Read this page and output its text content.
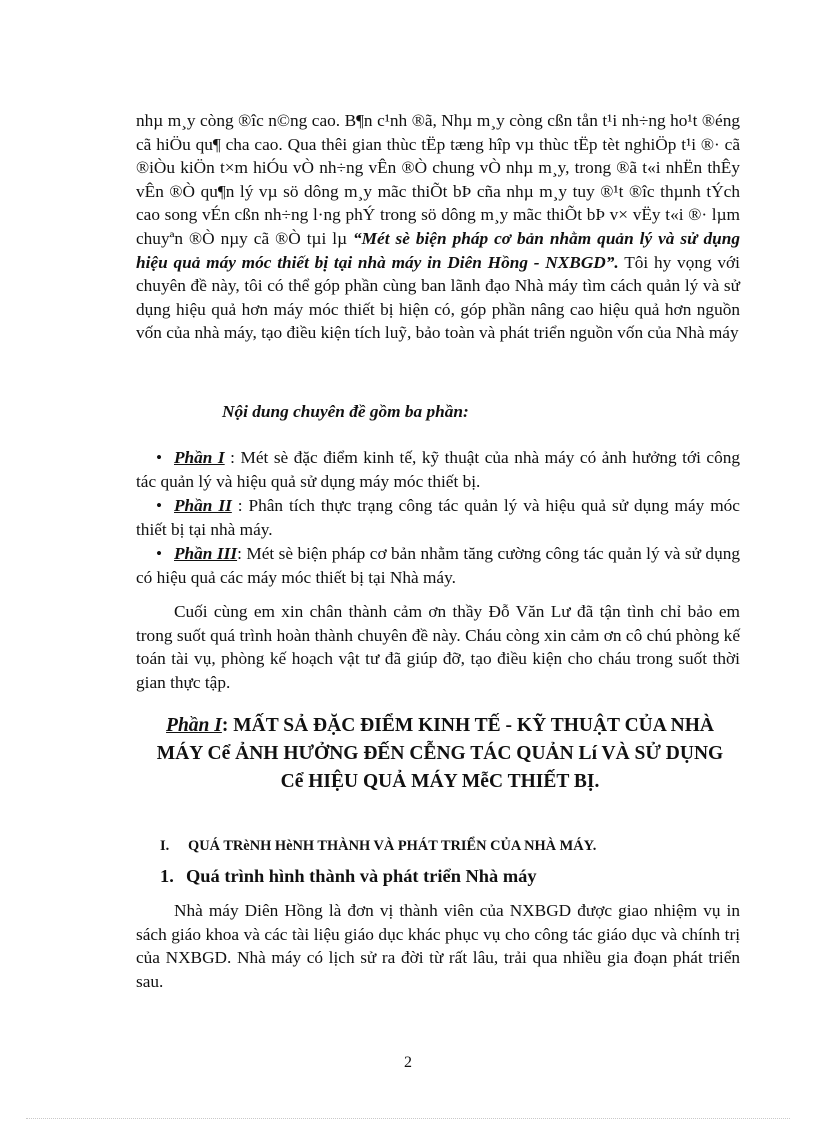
nhµ m¸y còng ®îc n©ng cao. B¶n c¹nh ®ã, Nhµ m¸y còng cßn tån t¹i nh÷ng ho¹t ®éng cã hiÖu qu¶ cha cao. Qua thêi gian thùc tËp tæng hîp vµ thùc tËp tèt nghiÖp t¹i ®· cã ®iÒu kiÖn t×m hiÓu vÒ nh÷ng vÊn ®Ò chung vÒ nhµ m¸y, trong ®ã t«i nhËn thÊy vÊn ®Ò qu¶n lý vµ sö dông m¸y mãc thiÕt bÞ cña nhµ m¸y tuy ®¹t ®îc thµnh tÝch cao song vÉn cßn nh÷ng l·ng phÝ trong sö dông m¸y mãc thiÕt bÞ v× vËy t«i ®· lµm chuyªn ®Ò nµy cã ®Ò tµi lµ “Mét sè biện pháp cơ bản nhằm quản lý và sử dụng hiệu quả máy móc thiết bị tại nhà máy in Diên Hồng - NXBGD”. Tôi hy vọng với chuyên đề này, tôi có thể góp phần cùng ban lãnh đạo Nhà máy tìm cách quản lý và sử dụng hiệu quả hơn máy móc thiết bị hiện có, góp phần nâng cao hiệu quả hơn nguồn vốn của nhà máy, tạo điều kiện tích luỹ, bảo toàn và phát triển nguồn vốn của Nhà máy
Nội dung chuyên đề gồm ba phần:
• Phần I : Mét sè đặc điểm kinh tế, kỹ thuật của nhà máy có ảnh hưởng tới công tác quản lý và hiệu quả sử dụng máy móc thiết bị.
• Phần II : Phân tích thực trạng công tác quản lý và hiệu quả sử dụng máy móc thiết bị tại nhà máy.
• Phần III: Mét sè biện pháp cơ bản nhằm tăng cường công tác quản lý và sử dụng có hiệu quả các máy móc thiết bị tại Nhà máy.

Cuối cùng em xin chân thành cảm ơn thầy Đỗ Văn Lư đã tận tình chỉ bảo em trong suốt quá trình hoàn thành chuyên đề này. Cháu còng xin cảm ơn cô chú phòng kế toán tài vụ, phòng kế hoạch vật tư đã giúp đỡ, tạo điều kiện cho cháu trong suốt thời gian thực tập.

Phần I: MẤT SẢ ĐẶC ĐIỂM KINH TẾ - KỸ THUẬT CỦA NHÀ MÁY Cể ẢNH HƯỞNG ĐẾN CỄNG TÁC QUẢN Lí VÀ SỬ DỤNG Cể HIỆU QUẢ MÁY MễC THIẾT BỊ.
I. QUÁ TRèNH HèNH THÀNH VÀ PHÁT TRIỂN CỦA NHÀ MÁY.
1. Quá trình hình thành và phát triển Nhà máy

Nhà máy Diên Hồng là đơn vị thành viên của NXBGD được giao nhiệm vụ in sách giáo khoa và các tài liệu giáo dục khác phục vụ cho công tác giáo dục và chính trị của NXBGD. Nhà máy có lịch sử ra đời từ rất lâu, trải qua nhiều gia đoạn phát triển sau.

2
